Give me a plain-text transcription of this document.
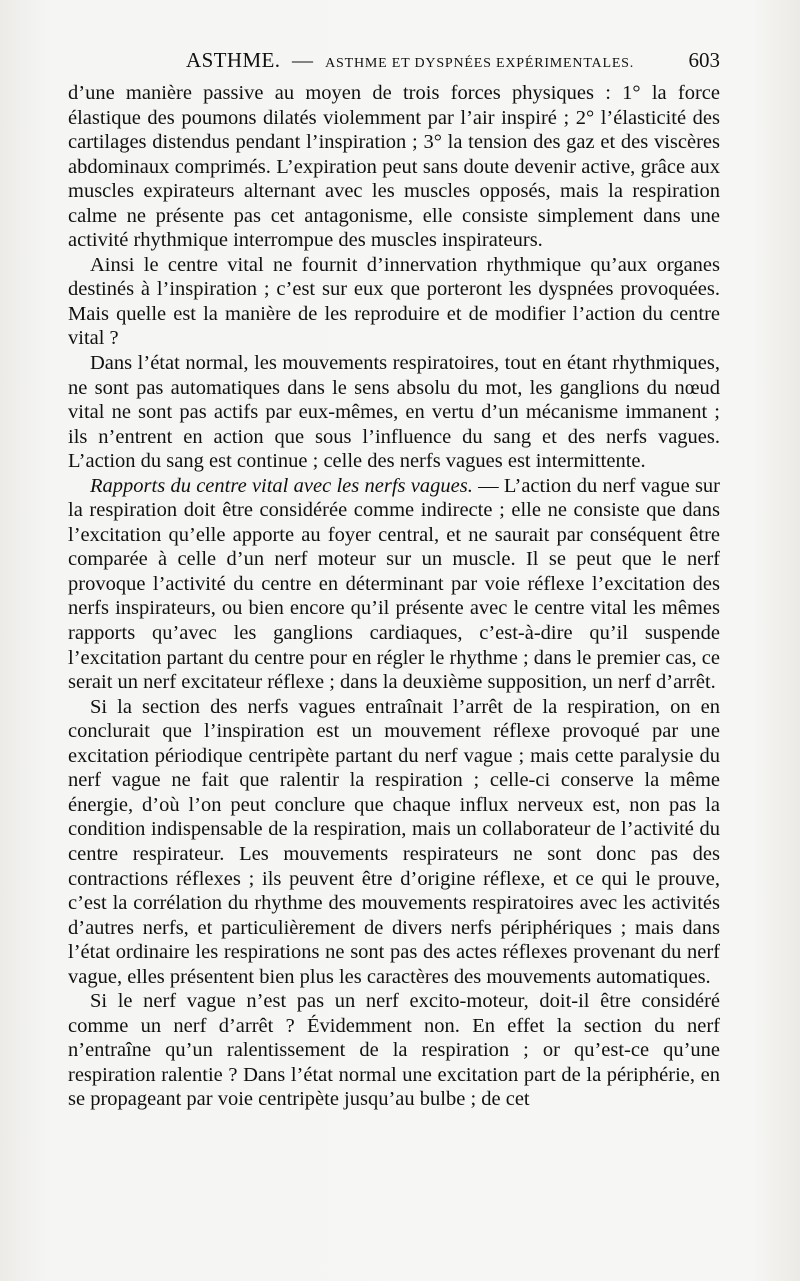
ASTHME. — ASTHME ET DYSPNÉES EXPÉRIMENTALES.	603

d’une manière passive au moyen de trois forces physiques : 1° la force élastique des poumons dilatés violemment par l’air inspiré ; 2° l’élasticité des cartilages distendus pendant l’inspiration ; 3° la tension des gaz et des viscères abdominaux comprimés. L’expiration peut sans doute devenir active, grâce aux muscles expirateurs alternant avec les muscles opposés, mais la respiration calme ne présente pas cet antagonisme, elle consiste simplement dans une activité rhythmique interrompue des muscles inspirateurs.

Ainsi le centre vital ne fournit d’innervation rhythmique qu’aux organes destinés à l’inspiration ; c’est sur eux que porteront les dyspnées provoquées. Mais quelle est la manière de les reproduire et de modifier l’action du centre vital ?

Dans l’état normal, les mouvements respiratoires, tout en étant rhythmiques, ne sont pas automatiques dans le sens absolu du mot, les ganglions du nœud vital ne sont pas actifs par eux-mêmes, en vertu d’un mécanisme immanent ; ils n’entrent en action que sous l’influence du sang et des nerfs vagues. L’action du sang est continue ; celle des nerfs vagues est intermittente.

Rapports du centre vital avec les nerfs vagues. — L’action du nerf vague sur la respiration doit être considérée comme indirecte ; elle ne consiste que dans l’excitation qu’elle apporte au foyer central, et ne saurait par conséquent être comparée à celle d’un nerf moteur sur un muscle. Il se peut que le nerf provoque l’activité du centre en déterminant par voie réflexe l’excitation des nerfs inspirateurs, ou bien encore qu’il présente avec le centre vital les mêmes rapports qu’avec les ganglions cardiaques, c’est-à-dire qu’il suspende l’excitation partant du centre pour en régler le rhythme ; dans le premier cas, ce serait un nerf excitateur réflexe ; dans la deuxième supposition, un nerf d’arrêt.

Si la section des nerfs vagues entraînait l’arrêt de la respiration, on en conclurait que l’inspiration est un mouvement réflexe provoqué par une excitation périodique centripète partant du nerf vague ; mais cette paralysie du nerf vague ne fait que ralentir la respiration ; celle-ci conserve la même énergie, d’où l’on peut conclure que chaque influx nerveux est, non pas la condition indispensable de la respiration, mais un collaborateur de l’activité du centre respirateur. Les mouvements respirateurs ne sont donc pas des contractions réflexes ; ils peuvent être d’origine réflexe, et ce qui le prouve, c’est la corrélation du rhythme des mouvements respiratoires avec les activités d’autres nerfs, et particulièrement de divers nerfs périphériques ; mais dans l’état ordinaire les respirations ne sont pas des actes réflexes provenant du nerf vague, elles présentent bien plus les caractères des mouvements automatiques.

Si le nerf vague n’est pas un nerf excito-moteur, doit-il être considéré comme un nerf d’arrêt ? Évidemment non. En effet la section du nerf n’entraîne qu’un ralentissement de la respiration ; or qu’est-ce qu’une respiration ralentie ? Dans l’état normal une excitation part de la périphérie, en se propageant par voie centripète jusqu’au bulbe ; de cet
